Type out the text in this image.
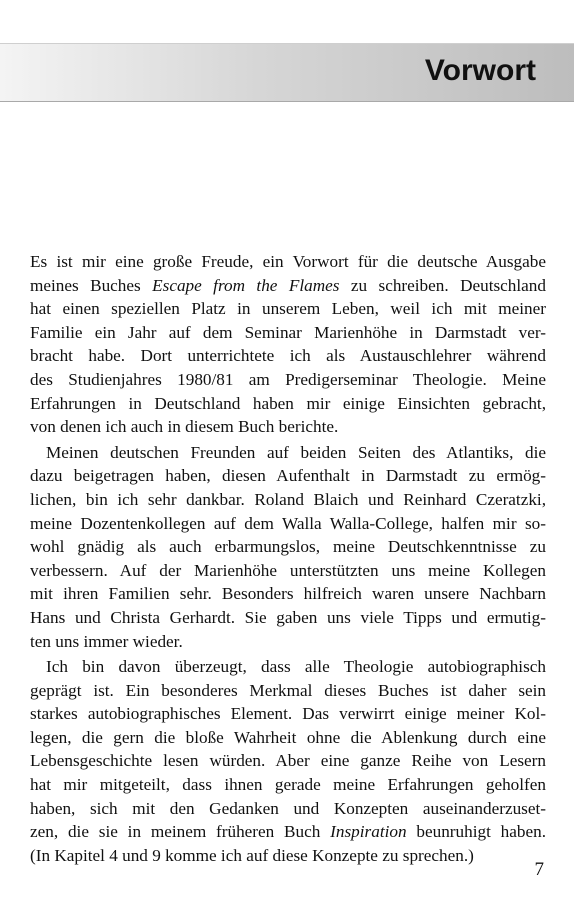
Vorwort
Es ist mir eine große Freude, ein Vorwort für die deutsche Ausgabe
meines Buches Escape from the Flames zu schreiben. Deutschland
hat einen speziellen Platz in unserem Leben, weil ich mit meiner
Familie ein Jahr auf dem Seminar Marienhöhe in Darmstadt ver-
bracht habe. Dort unterrichtete ich als Austauschlehrer während
des Studienjahres 1980/81 am Predigerseminar Theologie. Meine
Erfahrungen in Deutschland haben mir einige Einsichten gebracht,
von denen ich auch in diesem Buch berichte.
Meinen deutschen Freunden auf beiden Seiten des Atlantiks, die
dazu beigetragen haben, diesen Aufenthalt in Darmstadt zu ermög-
lichen, bin ich sehr dankbar. Roland Blaich und Reinhard Czeratzki,
meine Dozentenkollegen auf dem Walla Walla-College, halfen mir so-
wohl gnädig als auch erbarmungslos, meine Deutschkenntnisse zu
verbessern. Auf der Marienhöhe unterstützten uns meine Kollegen
mit ihren Familien sehr. Besonders hilfreich waren unsere Nachbarn
Hans und Christa Gerhardt. Sie gaben uns viele Tipps und ermutig-
ten uns immer wieder.
Ich bin davon überzeugt, dass alle Theologie autobiographisch
geprägt ist. Ein besonderes Merkmal dieses Buches ist daher sein
starkes autobiographisches Element. Das verwirrt einige meiner Kol-
legen, die gern die bloße Wahrheit ohne die Ablenkung durch eine
Lebensgeschichte lesen würden. Aber eine ganze Reihe von Lesern
hat mir mitgeteilt, dass ihnen gerade meine Erfahrungen geholfen
haben, sich mit den Gedanken und Konzepten auseinanderzuset-
zen, die sie in meinem früheren Buch Inspiration beunruhigt haben.
(In Kapitel 4 und 9 komme ich auf diese Konzepte zu sprechen.)
7
